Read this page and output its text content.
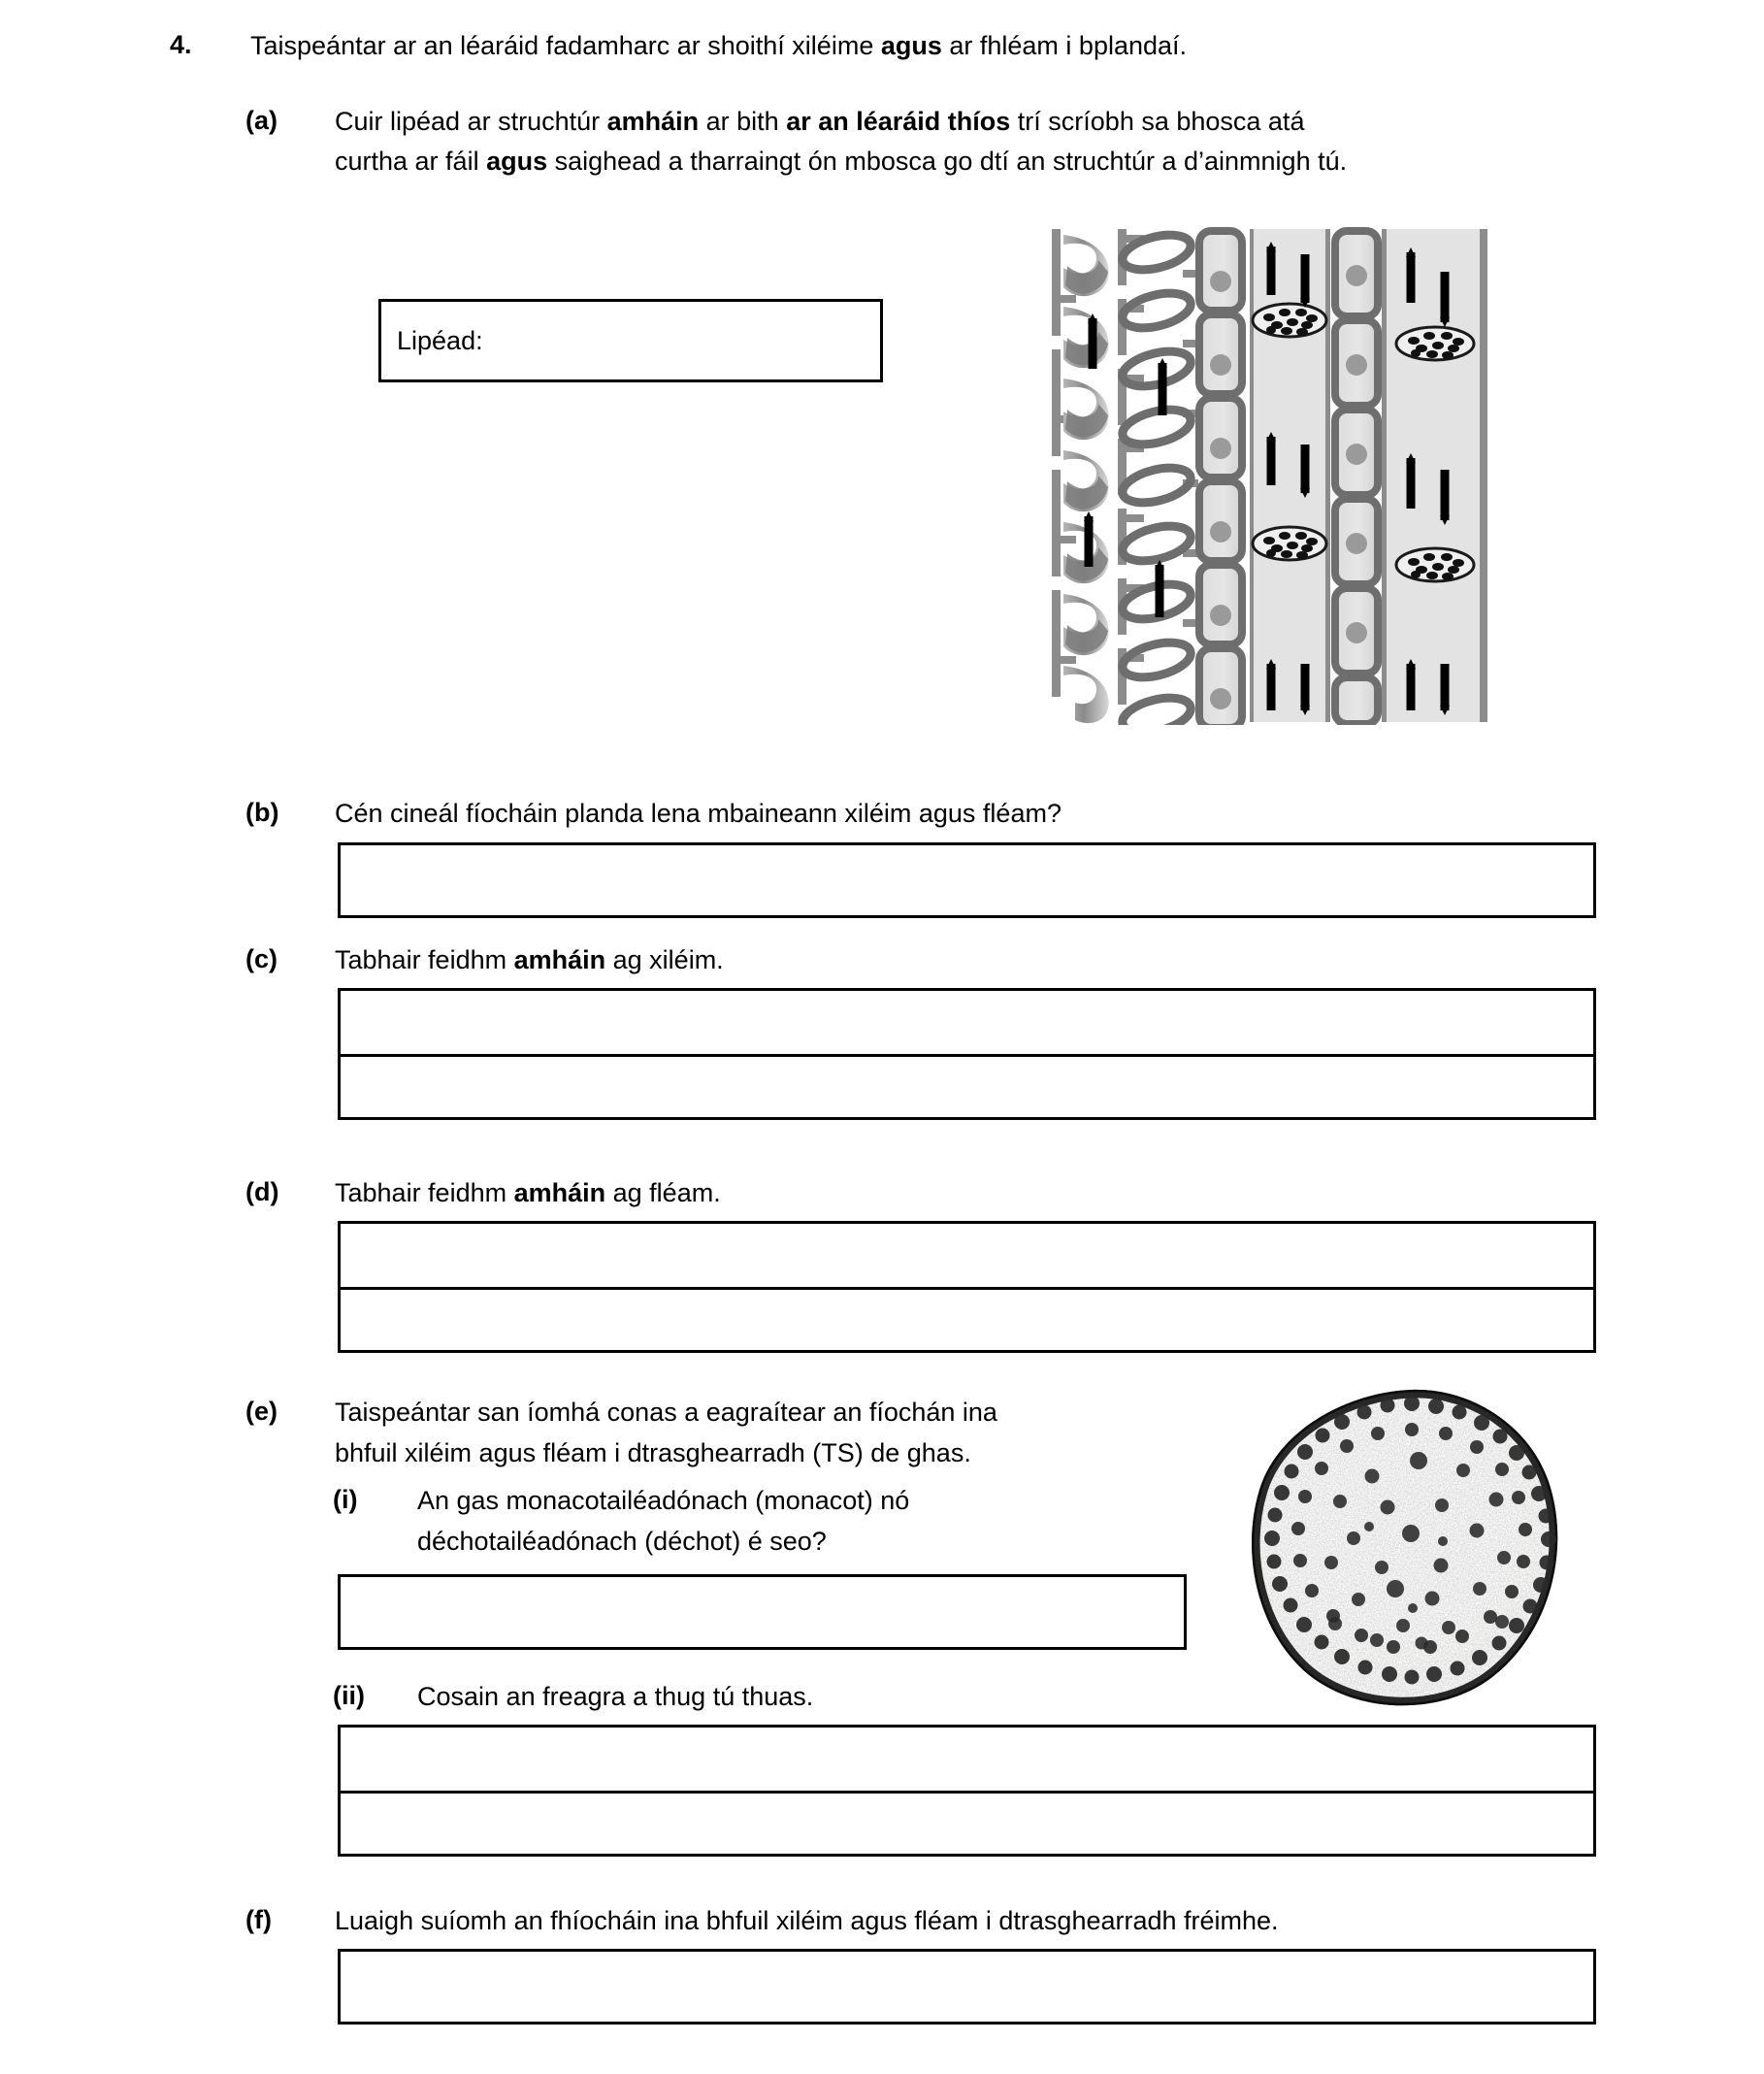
4. Taispeántar ar an léaráid fadamharc ar shoithí xiléime agus ar fhléam i bplandaí.
(a) Cuir lipéad ar struchtúr amháin ar bith ar an léaráid thíos trí scríobh sa bhosca atá
curtha ar fáil agus saighead a tharraingt ón mbosca go dtí an struchtúr a d’ainmnigh tú.
Lipéad:
(b) Cén cineál fíocháin planda lena mbaineann xiléim agus fléam?
(c) Tabhair feidhm amháin ag xiléim.
(d) Tabhair feidhm amháin ag fléam.
(e) Taispeántar san íomhá conas a eagraítear an fíochán ina
bhfuil xiléim agus fléam i dtrasghearradh (TS) de ghas.
(i) An gas monacotailéadónach (monacot) nó
déchotailéadónach (déchot) é seo?
(ii) Cosain an freagra a thug tú thuas.
(f) Luaigh suíomh an fhíocháin ina bhfuil xiléim agus fléam i dtrasghearradh fréimhe.
